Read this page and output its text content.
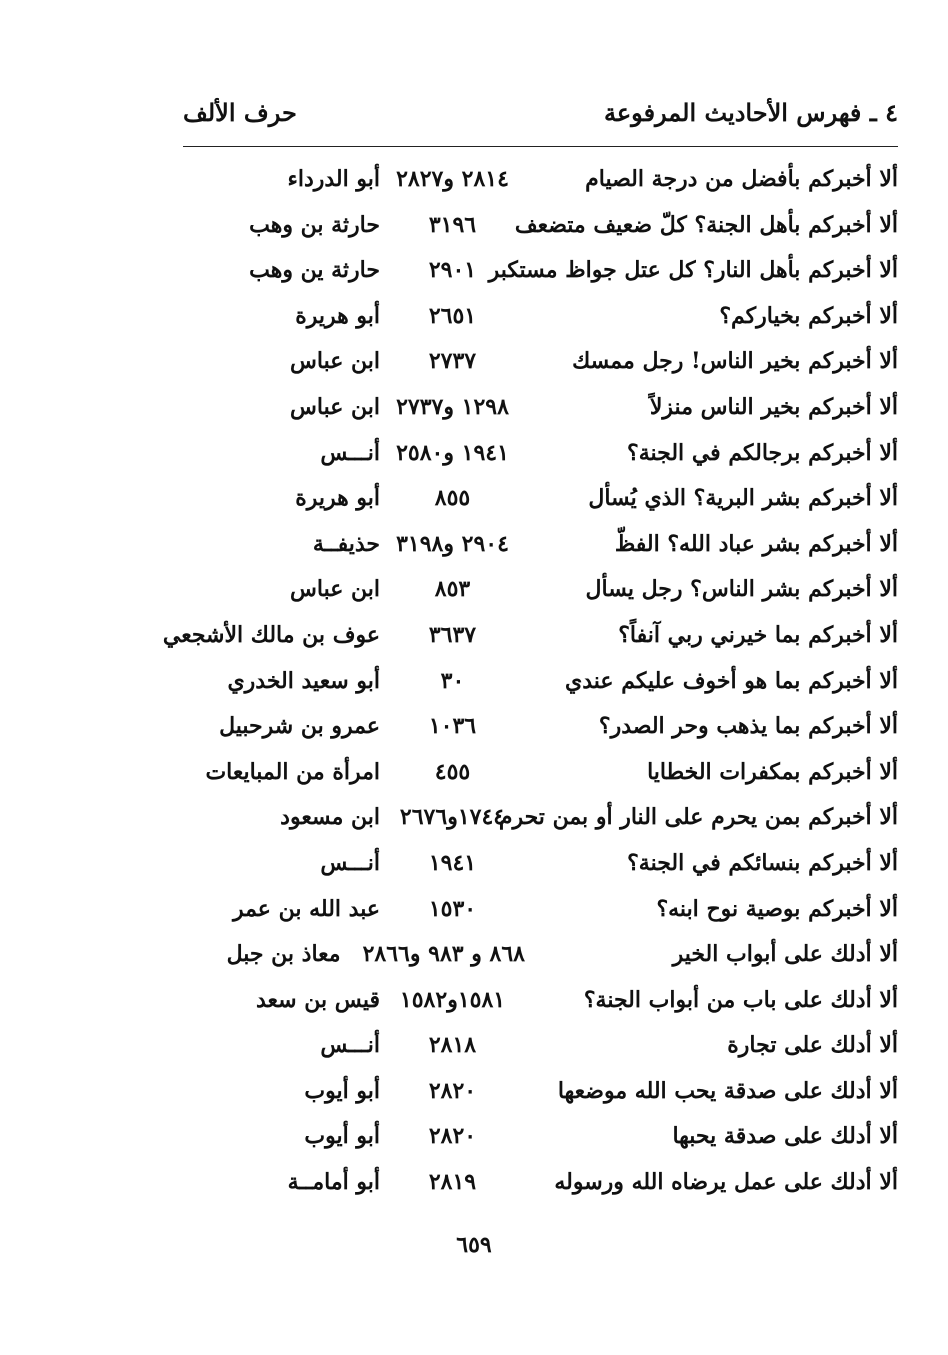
٤ ـ فهرس الأحاديث المرفوعة
حرف الألف
ألا أخبركم بأفضل من درجة الصيام
٢٨١٤ و٢٨٢٧
أبو الدرداء
ألا أخبركم بأهل الجنة؟ كلّ ضعيف متضعف
٣١٩٦
حارثة بن وهب
ألا أخبركم بأهل النار؟ كل عتل جواظ مستكبر
٢٩٠١
حارثة ين وهب
ألا أخبركم بخياركم؟
٢٦٥١
أبو هريرة
ألا أخبركم بخير الناس! رجل ممسك
٢٧٣٧
ابن عباس
ألا أخبركم بخير الناس منزلاً
١٢٩٨ و٢٧٣٧
ابن عباس
ألا أخبركم برجالكم في الجنة؟
١٩٤١ و٢٥٨٠
أنـــس
ألا أخبركم بشر البرية؟ الذي يُسأل
٨٥٥
أبو هريرة
ألا أخبركم بشر عباد الله؟ الفظّ
٢٩٠٤ و٣١٩٨
حذيفــة
ألا أخبركم بشر الناس؟ رجل يسأل
٨٥٣
ابن عباس
ألا أخبركم بما خيرني ربي آنفاً؟
٣٦٣٧
عوف بن مالك الأشجعي
ألا أخبركم بما هو أخوف عليكم عندي
٣٠
أبو سعيد الخدري
ألا أخبركم بما يذهب وحر الصدر؟
١٠٣٦
عمرو بن شرحبيل
ألا أخبركم بمكفرات الخطايا
٤٥٥
امرأة من المبايعات
ألا أخبركم بمن يحرم على النار أو بمن تحرم
١٧٤٤و٢٦٧٦
ابن مسعود
ألا أخبركم بنسائكم في الجنة؟
١٩٤١
أنـــس
ألا أخبركم بوصية نوح ابنه؟
١٥٣٠
عبد الله بن عمر
ألا أدلك على أبواب الخير
٨٦٨ و ٩٨٣ و٢٨٦٦معاذ بن جبل
ألا أدلك على باب من أبواب الجنة؟
١٥٨١و١٥٨٢
قيس بن سعد
ألا أدلك على تجارة
٢٨١٨
أنـــس
ألا أدلك على صدقة يحب الله موضعها
٢٨٢٠
أبو أيوب
ألا أدلك على صدقة يحبها
٢٨٢٠
أبو أيوب
ألا أدلك على عمل يرضاه الله ورسوله
٢٨١٩
أبو أمامــة
٦٥٩
